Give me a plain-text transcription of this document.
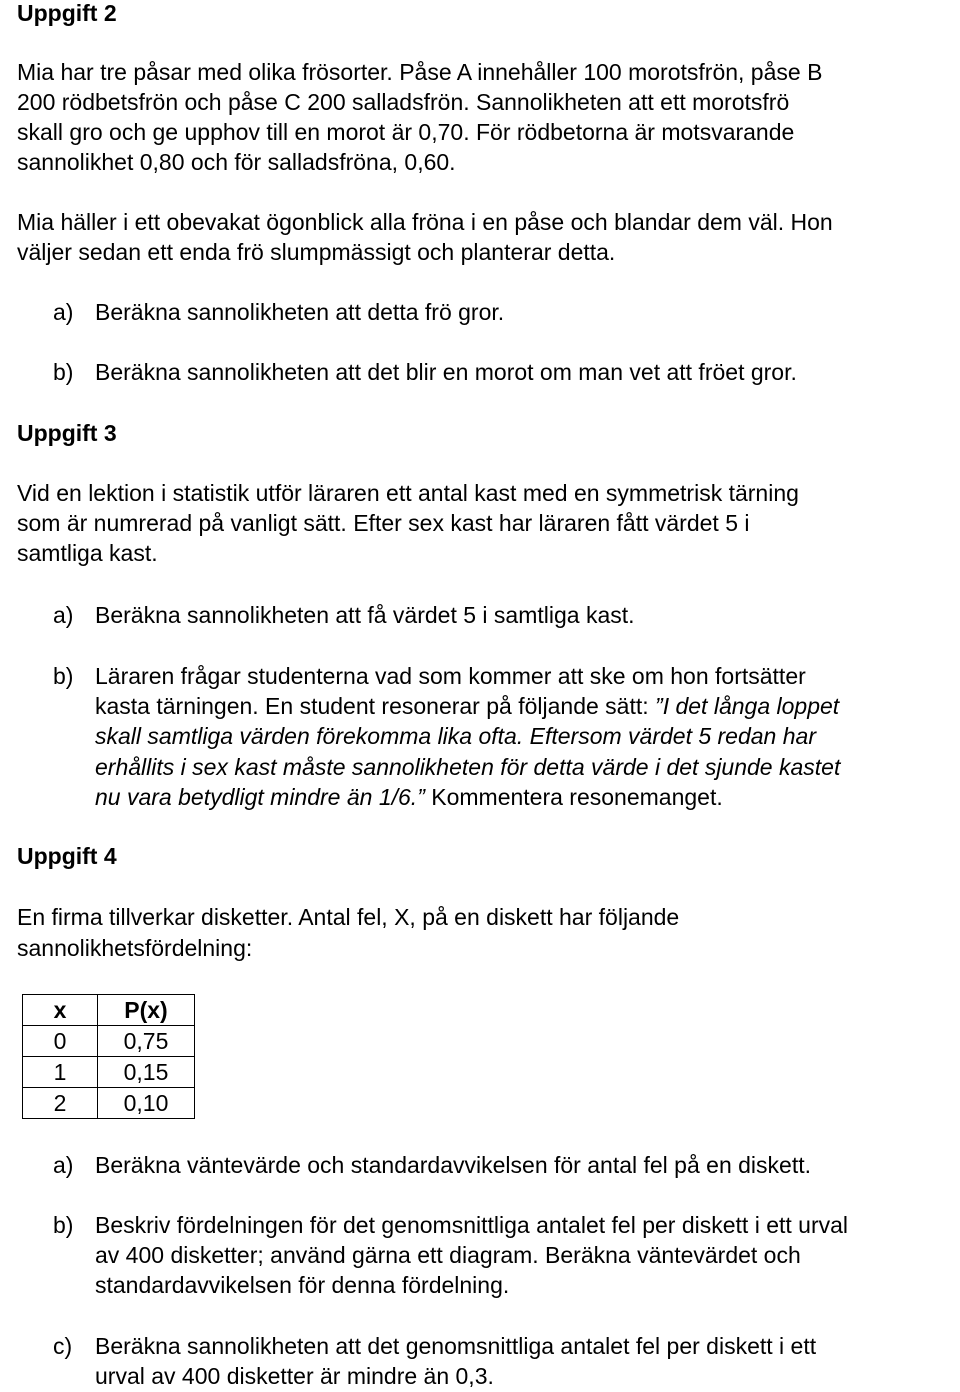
Uppgift 2
Mia har tre påsar med olika frösorter. Påse A innehåller 100 morotsfrön, påse B
200 rödbetsfrön och påse C 200 salladsfrön. Sannolikheten att ett morotsfrö
skall gro och ge upphov till en morot är 0,70. För rödbetorna är motsvarande
sannolikhet 0,80 och för salladsfröna, 0,60.
Mia häller i ett obevakat ögonblick alla fröna i en påse och blandar dem väl. Hon
väljer sedan ett enda frö slumpmässigt och planterar detta.
a) Beräkna sannolikheten att detta frö gror.
b) Beräkna sannolikheten att det blir en morot om man vet att fröet gror.
Uppgift 3
Vid en lektion i statistik utför läraren ett antal kast med en symmetrisk tärning
som är numrerad på vanligt sätt. Efter sex kast har läraren fått värdet 5 i
samtliga kast.
a) Beräkna sannolikheten att få värdet 5 i samtliga kast.
b) Läraren frågar studenterna vad som kommer att ske om hon fortsätter
kasta tärningen. En student resonerar på följande sätt: ”I det långa loppet
skall samtliga värden förekomma lika ofta. Eftersom värdet 5 redan har
erhållits i sex kast måste sannolikheten för detta värde i det sjunde kastet
nu vara betydligt mindre än 1/6.” Kommentera resonemanget.
Uppgift 4
En firma tillverkar disketter. Antal fel, X, på en diskett har följande
sannolikhetsfördelning:
x	P(x)
0	0,75
1	0,15
2	0,10
a) Beräkna väntevärde och standardavvikelsen för antal fel på en diskett.
b) Beskriv fördelningen för det genomsnittliga antalet fel per diskett i ett urval
av 400 disketter; använd gärna ett diagram. Beräkna väntevärdet och
standardavvikelsen för denna fördelning.
c) Beräkna sannolikheten att det genomsnittliga antalet fel per diskett i ett
urval av 400 disketter är mindre än 0,3.
